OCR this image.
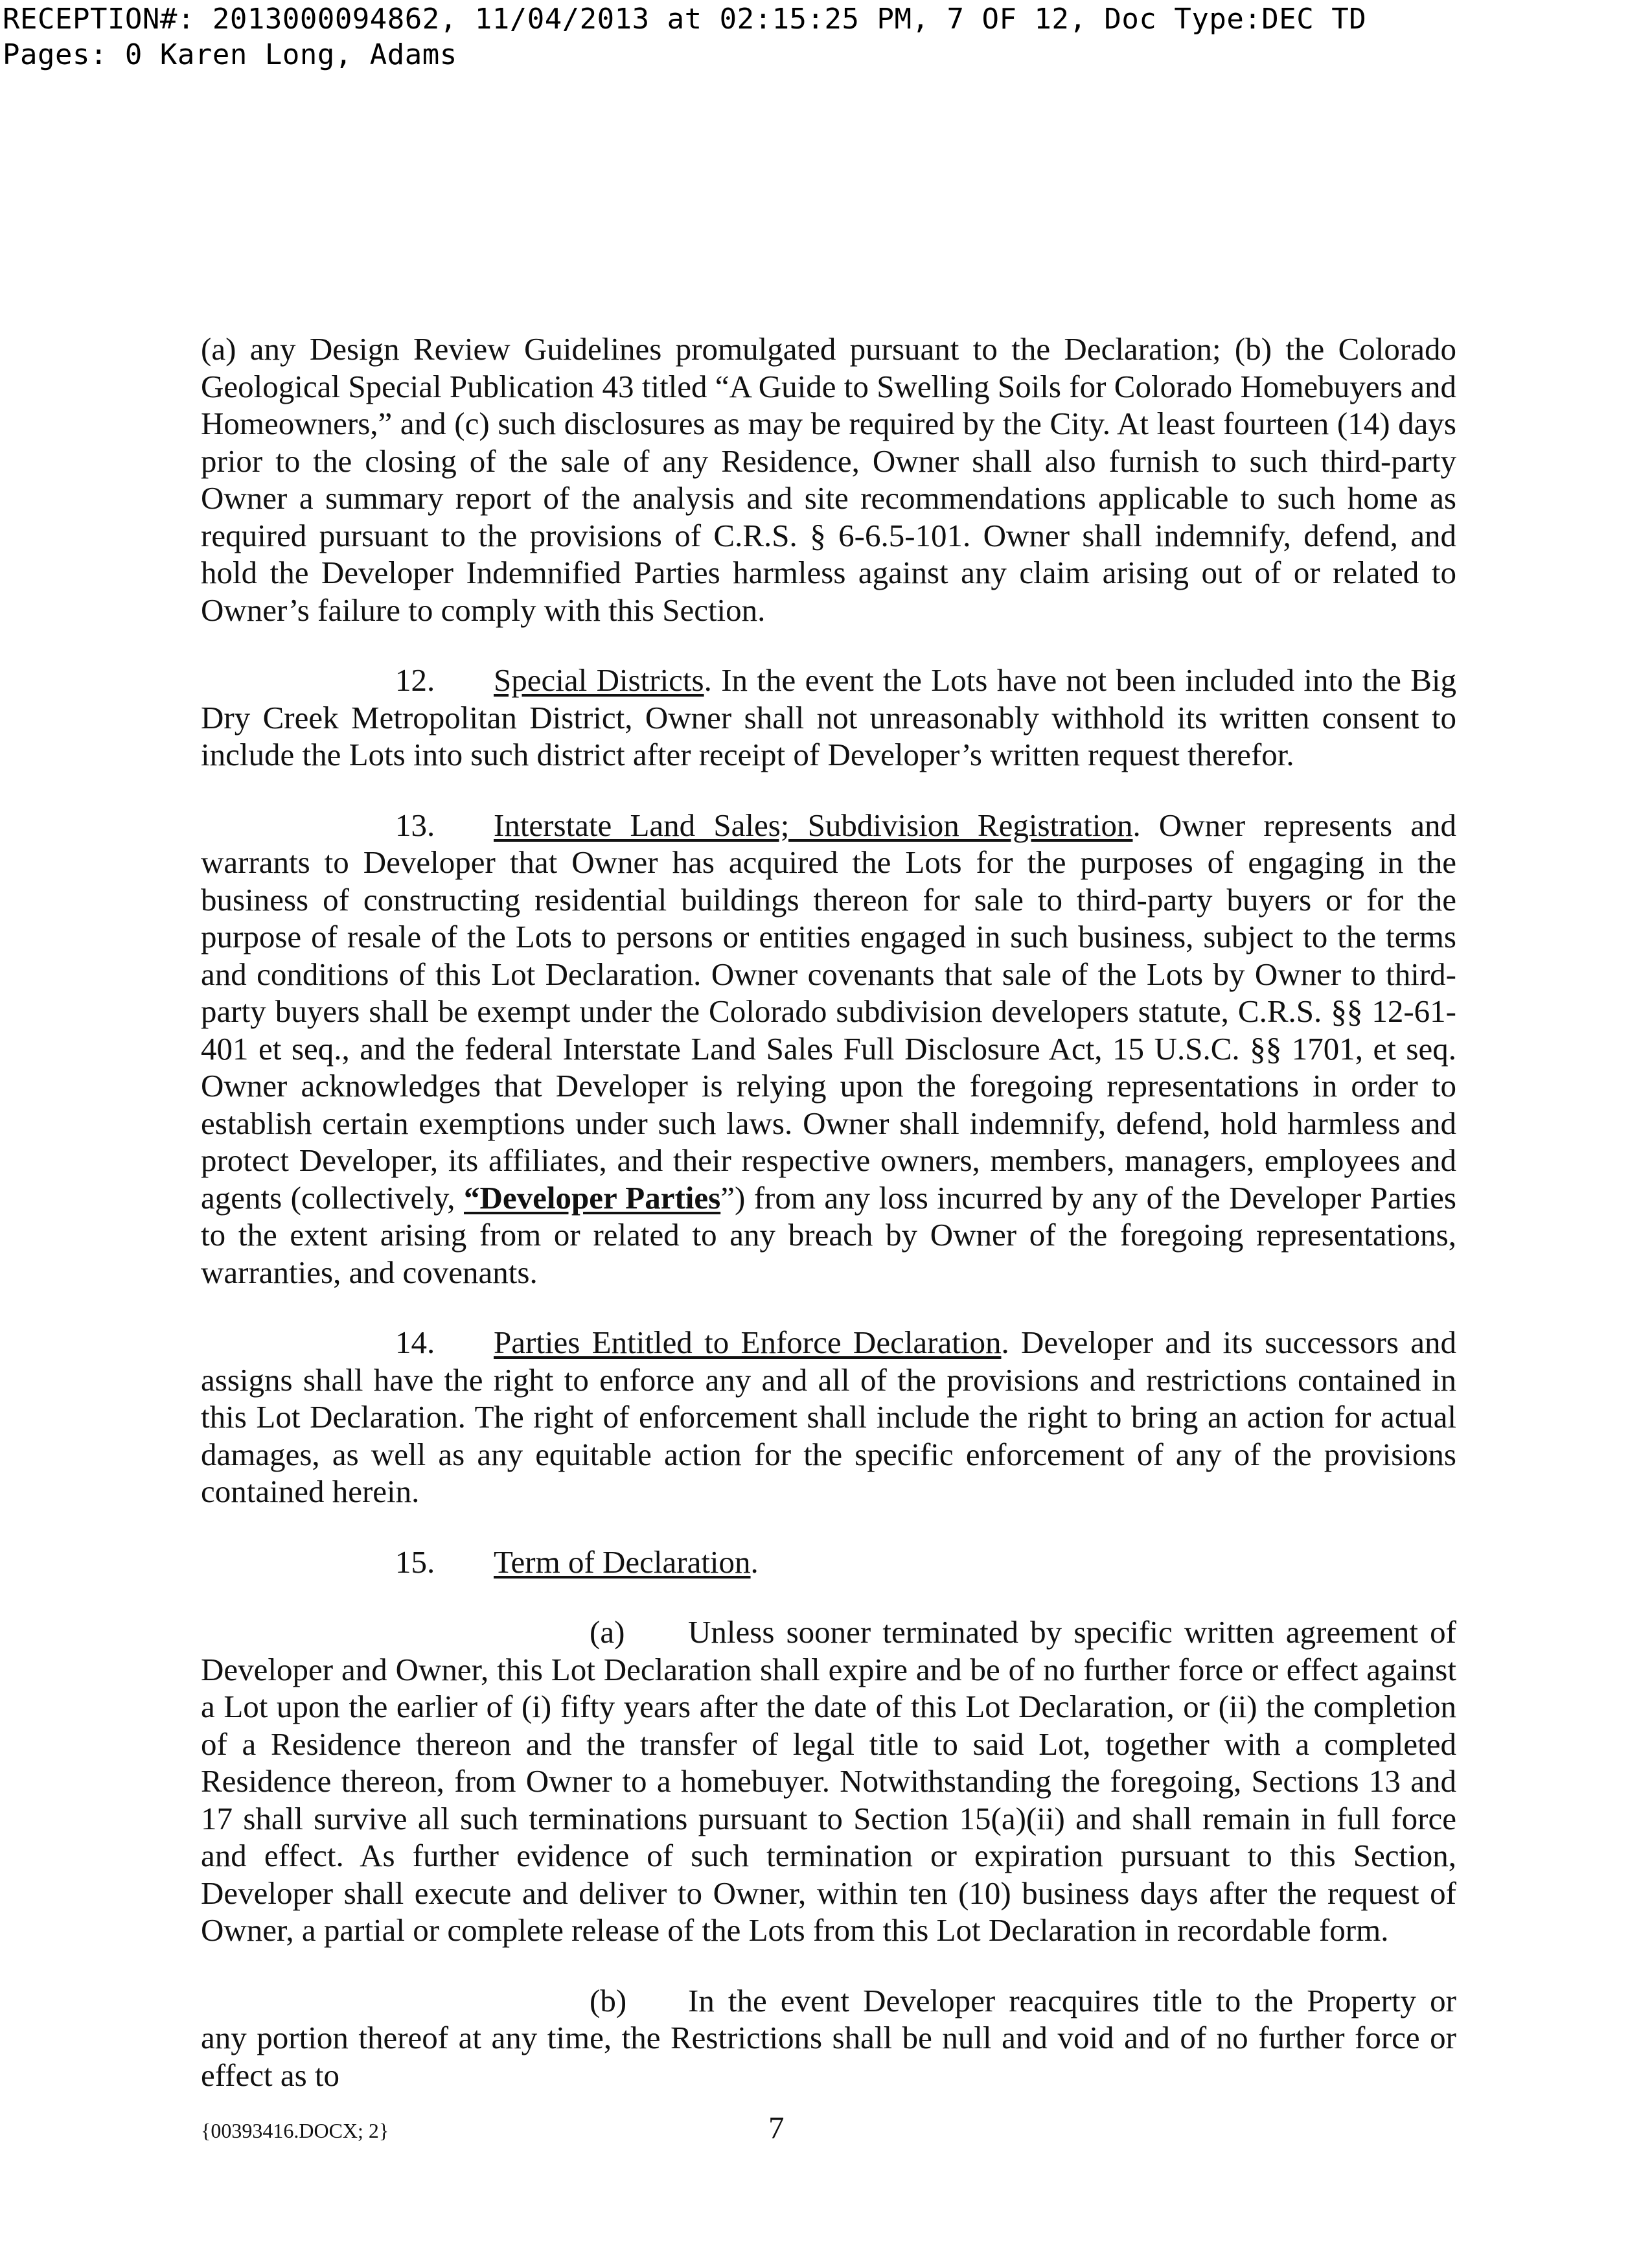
RECEPTION#: 2013000094862, 11/04/2013 at 02:15:25 PM, 7 OF 12, Doc Type:DEC TD
Pages: 0 Karen Long, Adams

(a) any Design Review Guidelines promulgated pursuant to the Declaration; (b) the Colorado Geological Special Publication 43 titled “A Guide to Swelling Soils for Colorado Homebuyers and Homeowners,” and (c) such disclosures as may be required by the City. At least fourteen (14) days prior to the closing of the sale of any Residence, Owner shall also furnish to such third-party Owner a summary report of the analysis and site recommendations applicable to such home as required pursuant to the provisions of C.R.S. § 6-6.5-101. Owner shall indemnify, defend, and hold the Developer Indemnified Parties harmless against any claim arising out of or related to Owner’s failure to comply with this Section.

12. Special Districts. In the event the Lots have not been included into the Big Dry Creek Metropolitan District, Owner shall not unreasonably withhold its written consent to include the Lots into such district after receipt of Developer’s written request therefor.

13. Interstate Land Sales; Subdivision Registration. Owner represents and warrants to Developer that Owner has acquired the Lots for the purposes of engaging in the business of constructing residential buildings thereon for sale to third-party buyers or for the purpose of resale of the Lots to persons or entities engaged in such business, subject to the terms and conditions of this Lot Declaration. Owner covenants that sale of the Lots by Owner to third-party buyers shall be exempt under the Colorado subdivision developers statute, C.R.S. §§ 12-61-401 et seq., and the federal Interstate Land Sales Full Disclosure Act, 15 U.S.C. §§ 1701, et seq. Owner acknowledges that Developer is relying upon the foregoing representations in order to establish certain exemptions under such laws. Owner shall indemnify, defend, hold harmless and protect Developer, its affiliates, and their respective owners, members, managers, employees and agents (collectively, “Developer Parties”) from any loss incurred by any of the Developer Parties to the extent arising from or related to any breach by Owner of the foregoing representations, warranties, and covenants.

14. Parties Entitled to Enforce Declaration. Developer and its successors and assigns shall have the right to enforce any and all of the provisions and restrictions contained in this Lot Declaration. The right of enforcement shall include the right to bring an action for actual damages, as well as any equitable action for the specific enforcement of any of the provisions contained herein.

15. Term of Declaration.

(a) Unless sooner terminated by specific written agreement of Developer and Owner, this Lot Declaration shall expire and be of no further force or effect against a Lot upon the earlier of (i) fifty years after the date of this Lot Declaration, or (ii) the completion of a Residence thereon and the transfer of legal title to said Lot, together with a completed Residence thereon, from Owner to a homebuyer. Notwithstanding the foregoing, Sections 13 and 17 shall survive all such terminations pursuant to Section 15(a)(ii) and shall remain in full force and effect. As further evidence of such termination or expiration pursuant to this Section, Developer shall execute and deliver to Owner, within ten (10) business days after the request of Owner, a partial or complete release of the Lots from this Lot Declaration in recordable form.

(b) In the event Developer reacquires title to the Property or any portion thereof at any time, the Restrictions shall be null and void and of no further force or effect as to

{00393416.DOCX; 2}	7
